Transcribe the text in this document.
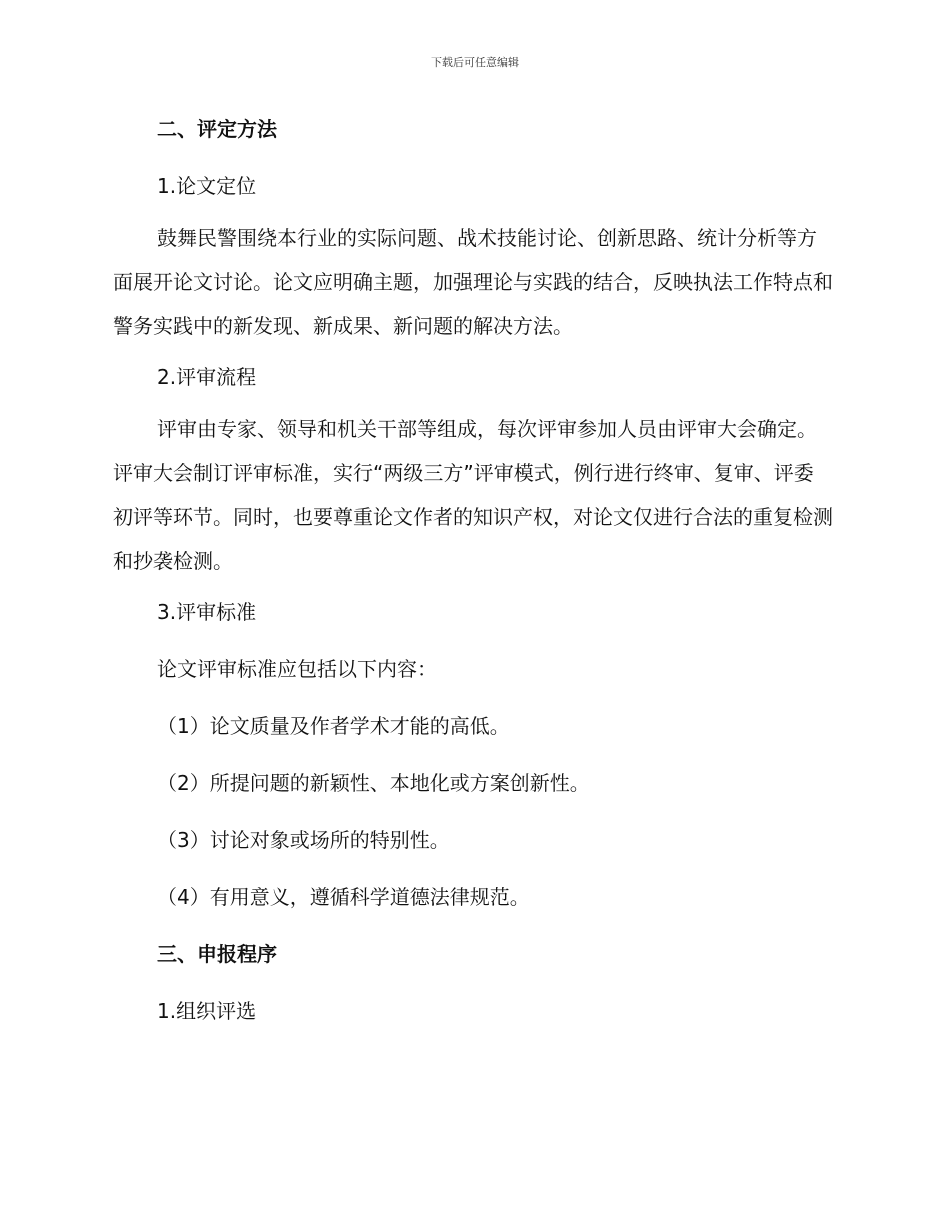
下载后可任意编辑
二、评定方法
1.论文定位

鼓舞民警围绕本行业的实际问题、战术技能讨论、创新思路、统计分析等方面展开论文讨论。论文应明确主题，加强理论与实践的结合，反映执法工作特点和警务实践中的新发现、新成果、新问题的解决方法。

2.评审流程

评审由专家、领导和机关干部等组成，每次评审参加人员由评审大会确定。评审大会制订评审标准，实行“两级三方”评审模式，例行进行终审、复审、评委初评等环节。同时，也要尊重论文作者的知识产权，对论文仅进行合法的重复检测和抄袭检测。

3.评审标准
论文评审标准应包括以下内容：
（1）论文质量及作者学术才能的高低。
（2）所提问题的新颖性、本地化或方案创新性。
（3）讨论对象或场所的特别性。
（4）有用意义，遵循科学道德法律规范。
三、申报程序
1.组织评选
